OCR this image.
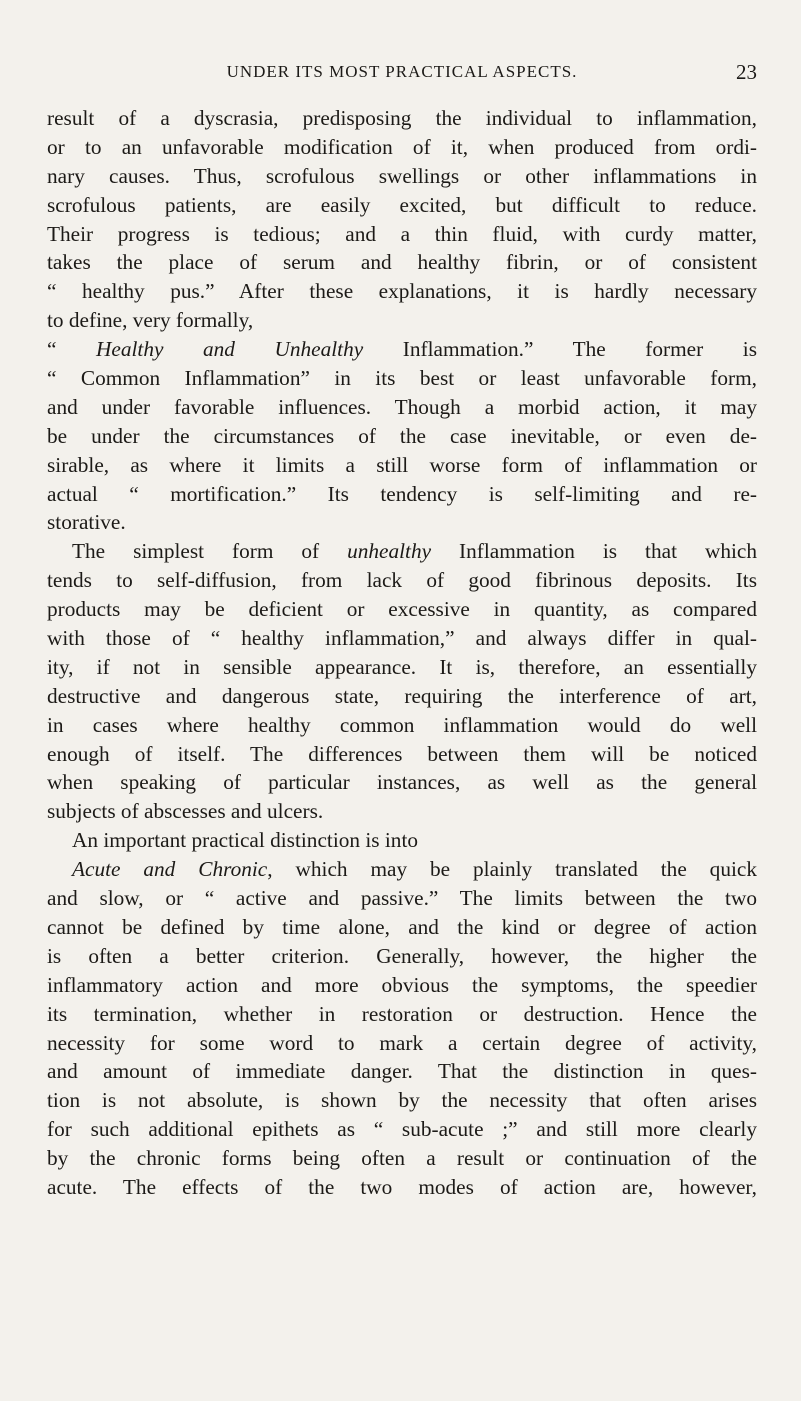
UNDER ITS MOST PRACTICAL ASPECTS.	23
result of a dyscrasia, predisposing the individual to inflammation,
or to an unfavorable modification of it, when produced from ordi-
nary causes. Thus, scrofulous swellings or other inflammations in
scrofulous patients, are easily excited, but difficult to reduce.
Their progress is tedious; and a thin fluid, with curdy matter,
takes the place of serum and healthy fibrin, or of consistent
“ healthy pus.” After these explanations, it is hardly necessary
to define, very formally,
“ Healthy and Unhealthy Inflammation.” The former is
“ Common Inflammation” in its best or least unfavorable form,
and under favorable influences. Though a morbid action, it may
be under the circumstances of the case inevitable, or even de-
sirable, as where it limits a still worse form of inflammation or
actual “ mortification.” Its tendency is self-limiting and re-
storative.
The simplest form of unhealthy Inflammation is that which
tends to self-diffusion, from lack of good fibrinous deposits. Its
products may be deficient or excessive in quantity, as compared
with those of “ healthy inflammation,” and always differ in qual-
ity, if not in sensible appearance. It is, therefore, an essentially
destructive and dangerous state, requiring the interference of art,
in cases where healthy common inflammation would do well
enough of itself. The differences between them will be noticed
when speaking of particular instances, as well as the general
subjects of abscesses and ulcers.
An important practical distinction is into
Acute and Chronic, which may be plainly translated the quick
and slow, or “ active and passive.” The limits between the two
cannot be defined by time alone, and the kind or degree of action
is often a better criterion. Generally, however, the higher the
inflammatory action and more obvious the symptoms, the speedier
its termination, whether in restoration or destruction. Hence the
necessity for some word to mark a certain degree of activity,
and amount of immediate danger. That the distinction in ques-
tion is not absolute, is shown by the necessity that often arises
for such additional epithets as “ sub-acute ;” and still more clearly
by the chronic forms being often a result or continuation of the
acute. The effects of the two modes of action are, however,
